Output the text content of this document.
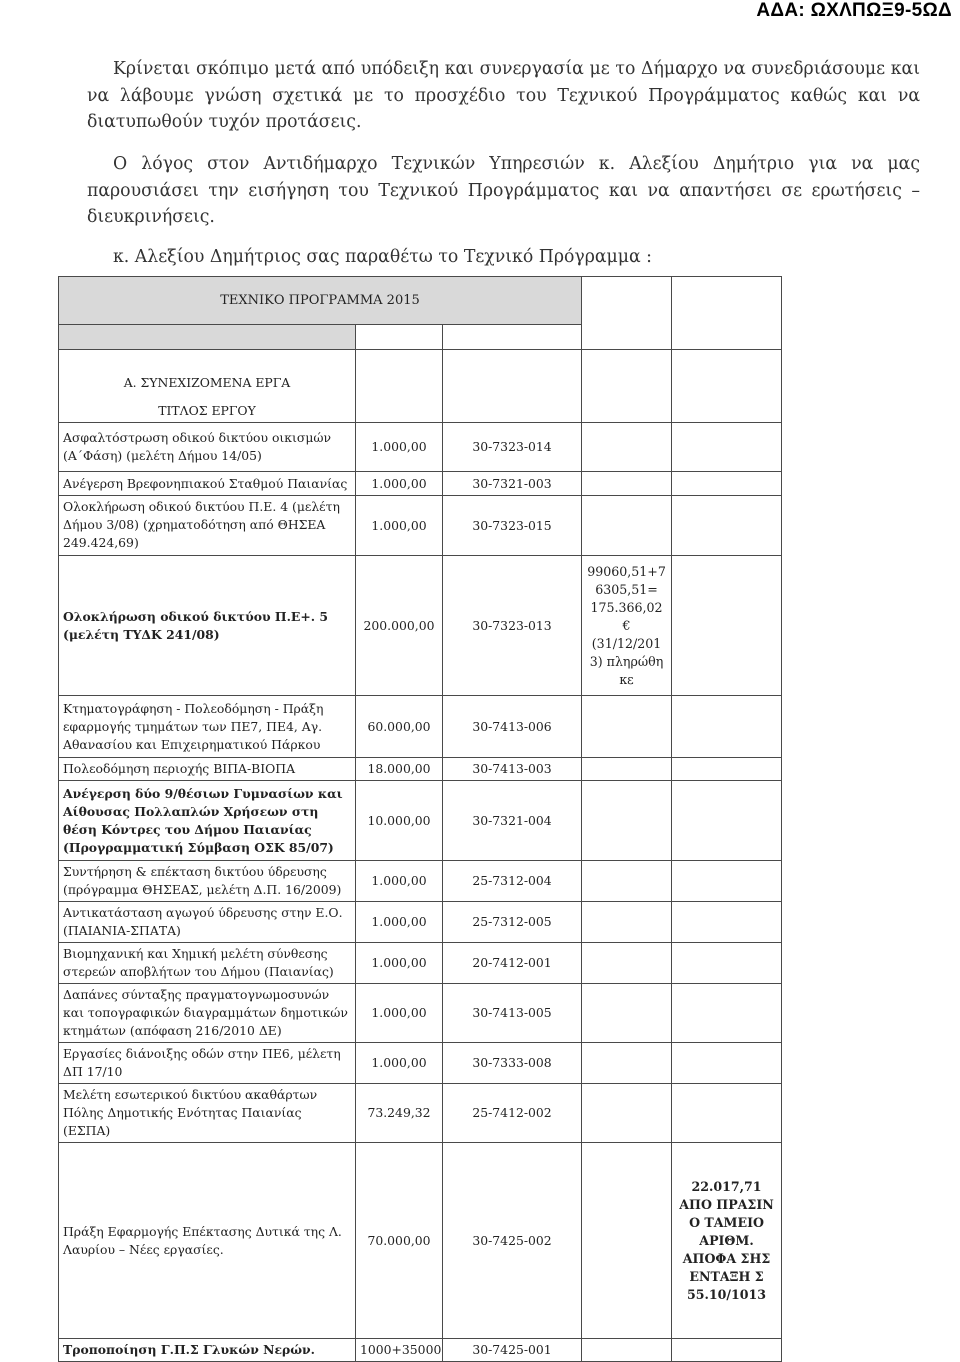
ΑΔΑ: ΩΧΛΠΩΞ9-5ΩΔ

Κρίνεται σκόπιμο μετά από υπόδειξη και συνεργασία με το Δήμαρχο να συνεδριάσουμε και να λάβουμε γνώση σχετικά με το προσχέδιο του Τεχνικού Προγράμματος καθώς και να διατυπωθούν τυχόν προτάσεις.

Ο λόγος στον Αντιδήμαρχο Τεχνικών Υπηρεσιών κ. Αλεξίου Δημήτριο για να μας παρουσιάσει την εισήγηση του Τεχνικού Προγράμματος και να απαντήσει σε ερωτήσεις – διευκρινήσεις.

κ. Αλεξίου Δημήτριος σας παραθέτω το Τεχνικό Πρόγραμμα :

ΤΕΧΝΙΚΟ ΠΡΟΓΡΑΜΜΑ 2015				

Α. ΣΥΝΕΧΙΖΟΜΕΝΑ ΕΡΓΑ
ΤΙΤΛΟΣ ΕΡΓΟΥ				

Ασφαλτόστρωση οδικού δικτύου οικισμών (Α΄Φάση) (μελέτη Δήμου 14/05)	1.000,00	30-7323-014		
Ανέγερση Βρεφονηπιακού Σταθμού Παιανίας	1.000,00	30-7321-003		
Ολοκλήρωση οδικού δικτύου Π.Ε. 4 (μελέτη Δήμου 3/08) (χρηματοδότηση από ΘΗΣΕΑ 249.424,69)	1.000,00	30-7323-015		
Ολοκλήρωση οδικού δικτύου Π.Ε+. 5 (μελέτη ΤΥΔΚ 241/08)	200.000,00	30-7323-013	99060,51+7 6305,51= 175.366,02 € (31/12/201 3) πληρώθη κε	
Κτηματογράφηση - Πολεοδόμηση - Πράξη εφαρμογής τμημάτων των ΠΕ7, ΠΕ4, Αγ. Αθανασίου και Επιχειρηματικού Πάρκου	60.000,00	30-7413-006		
Πολεοδόμηση περιοχής ΒΙΠΑ-ΒΙΟΠΑ	18.000,00	30-7413-003		
Ανέγερση δύο 9/θέσιων Γυμνασίων και Αίθουσας Πολλαπλών Χρήσεων στη θέση Κόντρες του Δήμου Παιανίας (Προγραμματική Σύμβαση ΟΣΚ 85/07)	10.000,00	30-7321-004		
Συντήρηση & επέκταση δικτύου ύδρευσης (πρόγραμμα ΘΗΣΕΑΣ, μελέτη Δ.Π. 16/2009)	1.000,00	25-7312-004		
Αντικατάσταση αγωγού ύδρευσης στην Ε.Ο. (ΠΑΙΑΝΙΑ-ΣΠΑΤΑ)	1.000,00	25-7312-005		
Βιομηχανική και Χημική μελέτη σύνθεσης στερεών αποβλήτων του Δήμου (Παιανίας)	1.000,00	20-7412-001		
Δαπάνες σύνταξης πραγματογνωμοσυνών και τοπογραφικών διαγραμμάτων δημοτικών κτημάτων (απόφαση 216/2010 ΔΕ)	1.000,00	30-7413-005		
Εργασίες διάνοιξης οδών στην ΠΕ6, μέλετη ΔΠ 17/10	1.000,00	30-7333-008		
Μελέτη εσωτερικού δικτύου ακαθάρτων Πόλης Δημοτικής Ενότητας Παιανίας (ΕΣΠΑ)	73.249,32	25-7412-002		
Πράξη Εφαρμογής Επέκτασης Δυτικά της Λ. Λαυρίου – Νέες εργασίες.	70.000,00	30-7425-002		22.017,71 ΑΠΟ ΠΡΑΣΙΝ Ο ΤΑΜΕΙΟ ΑΡΙΘΜ. ΑΠΟΦΑ ΣΗΣ ΕΝΤΑΞΗ Σ 55.10/1013
Τροποποίηση Γ.Π.Σ Γλυκών Νερών.	1000+35000	30-7425-001		
